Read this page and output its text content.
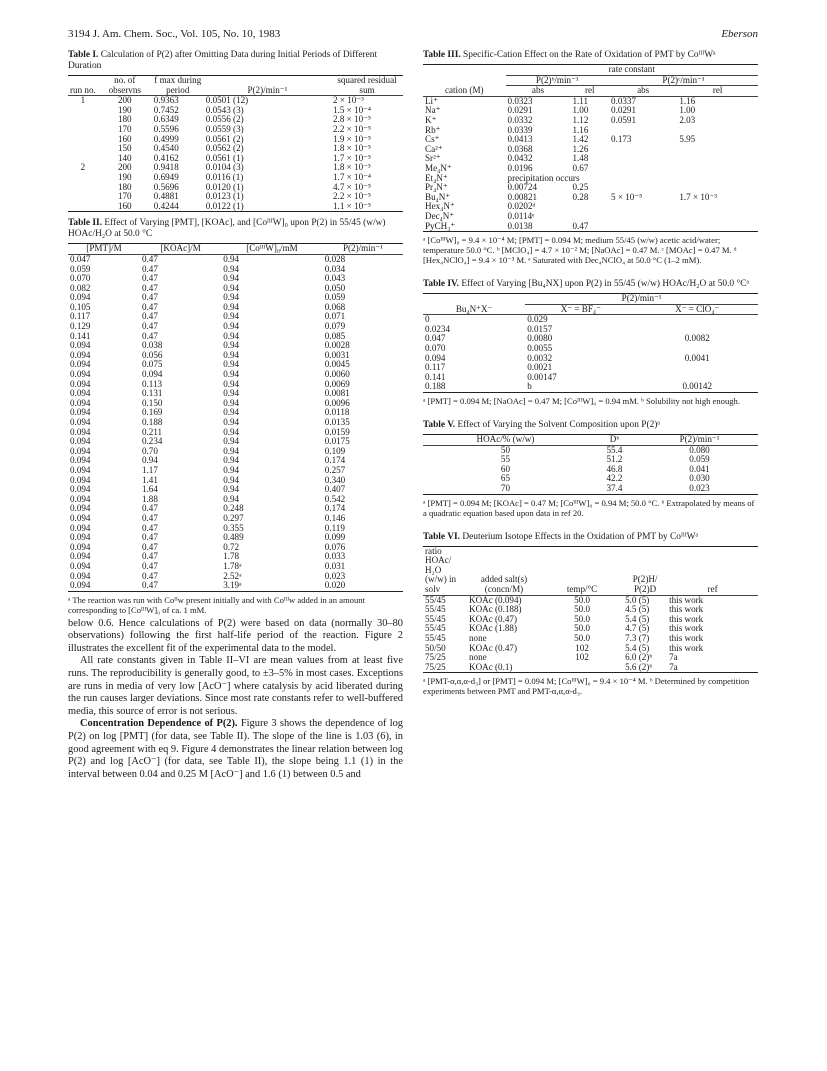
3194 J. Am. Chem. Soc., Vol. 105, No. 10, 1983	Eberson

Table I. Calculation of P(2) after Omitting Data during Initial Periods of Different Duration

run no.	no. of observns	f max during period	P(2)/min⁻¹	squared residual sum
1	200	0.9363	0.0501 (12)	2 × 10⁻³
	190	0.7452	0.0543 (3)	1.5 × 10⁻⁴
	180	0.6349	0.0556 (2)	2.8 × 10⁻⁵
	170	0.5596	0.0559 (3)	2.2 × 10⁻⁵
	160	0.4999	0.0561 (2)	1.9 × 10⁻⁵
	150	0.4540	0.0562 (2)	1.8 × 10⁻⁵
	140	0.4162	0.0561 (1)	1.7 × 10⁻⁵
2	200	0.9418	0.0104 (3)	1.8 × 10⁻³
	190	0.6949	0.0116 (1)	1.7 × 10⁻⁴
	180	0.5696	0.0120 (1)	4.7 × 10⁻⁵
	170	0.4881	0.0123 (1)	2.2 × 10⁻⁵
	160	0.4244	0.0122 (1)	1.1 × 10⁻⁵

Table II. Effect of Varying [PMT], [KOAc], and [CoᴵᴵᴵW]₀ upon P(2) in 55/45 (w/w) HOAc/H₂O at 50.0 °C

[PMT]/M	[KOAc]/M	[CoᴵᴵᴵW]₀/mM	P(2)/min⁻¹
0.047	0.47	0.94	0.028
0.059	0.47	0.94	0.034
0.070	0.47	0.94	0.043
0.082	0.47	0.94	0.050
0.094	0.47	0.94	0.059
0.105	0.47	0.94	0.068
0.117	0.47	0.94	0.071
0.129	0.47	0.94	0.079
0.141	0.47	0.94	0.085
0.094	0.038	0.94	0.0028
0.094	0.056	0.94	0.0031
0.094	0.075	0.94	0.0045
0.094	0.094	0.94	0.0060
0.094	0.113	0.94	0.0069
0.094	0.131	0.94	0.0081
0.094	0.150	0.94	0.0096
0.094	0.169	0.94	0.0118
0.094	0.188	0.94	0.0135
0.094	0.211	0.94	0.0159
0.094	0.234	0.94	0.0175
0.094	0.70	0.94	0.109
0.094	0.94	0.94	0.174
0.094	1.17	0.94	0.257
0.094	1.41	0.94	0.340
0.094	1.64	0.94	0.407
0.094	1.88	0.94	0.542
0.094	0.47	0.248	0.174
0.094	0.47	0.297	0.146
0.094	0.47	0.355	0.119
0.094	0.47	0.489	0.099
0.094	0.47	0.72	0.076
0.094	0.47	1.78	0.033
0.094	0.47	1.78ᵃ	0.031
0.094	0.47	2.52ᵃ	0.023
0.094	0.47	3.19ᵃ	0.020

ᵃ The reaction was run with Coᴵᴵw present initially and with Coᴵᴵᴵw added in an amount corresponding to [CoᴵᴵᴵW]₀ of ca. 1 mM.

below 0.6. Hence calculations of P(2) were based on data (normally 30–80 observations) following the first half-life period of the reaction. Figure 2 illustrates the excellent fit of the experimental data to the model.

All rate constants given in Table II–VI are mean values from at least five runs. The reproducibility is generally good, to ±3–5% in most cases. Exceptions are runs in media of very low [AcO⁻] where catalysis by acid liberated during the run causes larger deviations. Since most rate constants refer to well-buffered media, this source of error is not serious.

Concentration Dependence of P(2). Figure 3 shows the dependence of log P(2) on log [PMT] (for data, see Table II). The slope of the line is 1.03 (6), in good agreement with eq 9. Figure 4 demonstrates the linear relation between log P(2) and log [AcO⁻] (for data, see Table II), the slope being 1.1 (1) in the interval between 0.04 and 0.25 M [AcO⁻] and 1.6 (1) between 0.5 and

Table III. Specific-Cation Effect on the Rate of Oxidation of PMT by CoᴵᴵᴵWᵃ

	rate constant			
	P(2)ᵇ/min⁻¹		P(2)ᶜ/min⁻¹	
cation (M)	abs	rel	abs	rel
Li⁺	0.0323	1.11	0.0337	1.16
Na⁺	0.0291	1.00	0.0291	1.00
K⁺	0.0332	1.12	0.0591	2.03
Rb⁺	0.0339	1.16		
Cs⁺	0.0413	1.42	0.173	5.95
Ca²⁺	0.0368	1.26		
Sr²⁺	0.0432	1.48		
Me₄N⁺	0.0196	0.67		
Et₄N⁺	precipitation occurs			
Pr₄N⁺	0.00724	0.25		
Bu₄N⁺	0.00821	0.28	5 × 10⁻⁵	1.7 × 10⁻³
Hex₄N⁺	0.0202ᵈ			
Dec₄N⁺	0.0114ᵉ			
PyCH₃⁺	0.0138	0.47		

ᵃ [CoᴵᴵᴵW]₀ = 9.4 × 10⁻⁴ M; [PMT] = 0.094 M; medium 55/45 (w/w) acetic acid/water; temperature 50.0 °C. ᵇ [MClO₄] = 4.7 × 10⁻² M; [NaOAc] = 0.47 M. ᶜ [MOAc] = 0.47 M. ᵈ [Hex₄NClO₄] = 9.4 × 10⁻³ M. ᵉ Saturated with Dec₄NClO₄ at 50.0 °C (1–2 mM).

Table IV. Effect of Varying [Bu₄NX] upon P(2) in 55/45 (w/w) HOAc/H₂O at 50.0 °Cᵃ

	P(2)/min⁻¹	
Bu₄N⁺X⁻	X⁻ = BF₄⁻	X⁻ = ClO₄⁻
0	0.029	
0.0234	0.0157	
0.047	0.0080	0.0082
0.070	0.0055	
0.094	0.0032	0.0041
0.117	0.0021	
0.141	0.00147	
0.188	b	0.00142

ᵃ [PMT] = 0.094 M; [NaOAc] = 0.47 M; [CoᴵᴵᴵW]₀ = 0.94 mM. ᵇ Solubility not high enough.

Table V. Effect of Varying the Solvent Composition upon P(2)ᵃ

HOAc/% (w/w)	Dᵇ	P(2)/min⁻¹
50	55.4	0.080
55	51.2	0.059
60	46.8	0.041
65	42.2	0.030
70	37.4	0.023

ᵃ [PMT] = 0.094 M; [KOAc] = 0.47 M; [CoᴵᴵᴵW]₀ = 0.94 M; 50.0 °C. ᵇ Extrapolated by means of a quadratic equation based upon data in ref 20.

Table VI. Deuterium Isotope Effects in the Oxidation of PMT by CoᴵᴵᴵWᵃ

ratio HOAc/ H₂O (w/w) in solv	added salt(s) (concn/M)	temp/°C	P(2)H/ P(2)D	ref
55/45	KOAc (0.094)	50.0	5.0 (5)	this work
55/45	KOAc (0.188)	50.0	4.5 (5)	this work
55/45	KOAc (0.47)	50.0	5.4 (5)	this work
55/45	KOAc (1.88)	50.0	4.7 (5)	this work
55/45	none	50.0	7.3 (7)	this work
50/50	KOAc (0.47)	102	5.4 (5)	this work
75/25	none	102	6.0 (2)ᵇ	7a
75/25	KOAc (0.1)		5.6 (2)ᵇ	7a

ᵃ [PMT-α,α,α-d₃] or [PMT] = 0.094 M; [CoᴵᴵᴵW]₀ = 9.4 × 10⁻⁴ M. ᵇ Determined by competition experiments between PMT and PMT-α,α,α-d₃.
